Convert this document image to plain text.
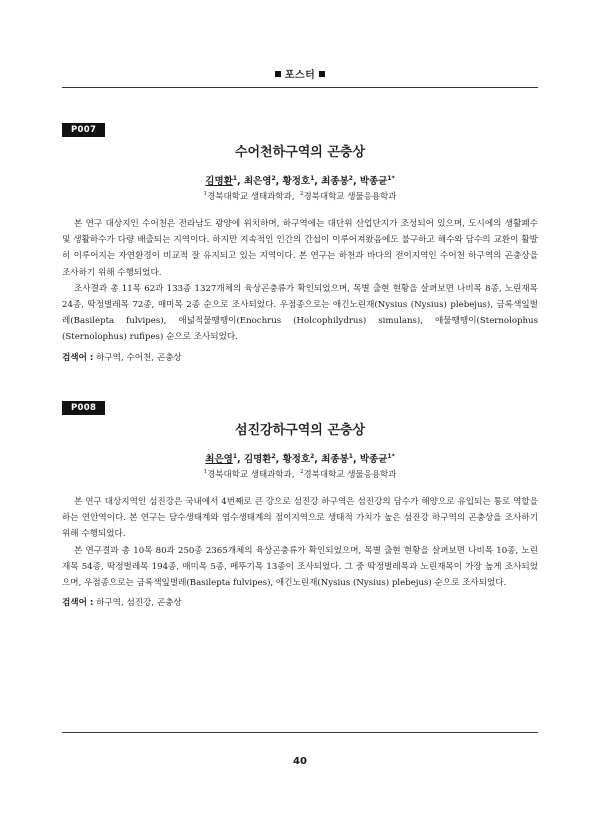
포스터
P007
수어천하구역의 곤충상
김명환$^1$, 최은영$^2$, 황정호$^1$, 최종봉$^2$, 박종균$^{1*}$
$^1$경북대학교 생태과학과,  $^2$경북대학교 생물응용학과

본 연구 대상지인 수어천은 전라남도 광양에 위치하며, 하구역에는 대단위 산업단지가 조성되어 있으며, 도시에의 생활폐수 및 생활하수가 다량 배출되는 지역이다. 하지만 지속적인 인간의 간섭이 이루어져왔음에도 불구하고 해수와 담수의 교환이 활발히 이루어지는 자연환경이 비교적 잘 유지되고 있는 지역이다. 본 연구는 하천과 바다의 전이지역인 수어천 하구역의 곤충상을 조사하기 위해 수행되었다.

조사결과 총 11목 62과 133종 1327개체의 육상곤충류가 확인되었으며, 목별 출현 현황을 살펴보면 나비목 8종, 노린재목 24종, 딱정벌레목 72종, 매미목 2종 순으로 조사되었다. 우점종으로는 애긴노린재(Nysius (Nysius) plebejus), 금록색잎벌레(Basilepta fulvipes), 애넓적물땡땡이(Enochrus (Holcophilydrus) simulans), 애물땡땡이(Sternolophus (Sternolophus) rufipes) 순으로 조사되었다.

검색어 : 하구역, 수어천, 곤충상
P008
섬진강하구역의 곤충상
최은영$^1$, 김명환$^2$, 황정호$^2$, 최종봉$^1$, 박종균$^{1*}$
$^1$경북대학교 생태과학과,  $^2$경북대학교 생물응용학과

본 연구 대상지역인 섬진강은 국내에서 4번째로 큰 강으로 섬진강 하구역은 섬진강의 담수가 해양으로 유입되는 통로 역할을 하는 연안역이다. 본 연구는 담수생태계와 염수생태계의 점이지역으로 생태적 가치가 높은 섬진강 하구역의 곤충상을 조사하기 위해 수행되었다.

본 연구결과 총 10목 80과 250종 2365개체의 육상곤충류가 확인되었으며, 목별 출현 현황을 살펴보면 나비목 10종, 노린재목 54종, 딱정벌레목 194종, 매미목 5종, 메뚜기목 13종이 조사되었다. 그 중 딱정벌레목과 노린재목이 가장 높게 조사되었으며, 우점종으로는 금록색잎벌레(Basilepta fulvipes), 애긴노린재(Nysius (Nysius) plebejus) 순으로 조사되었다.

검색어 : 하구역, 섬진강, 곤충상
40
